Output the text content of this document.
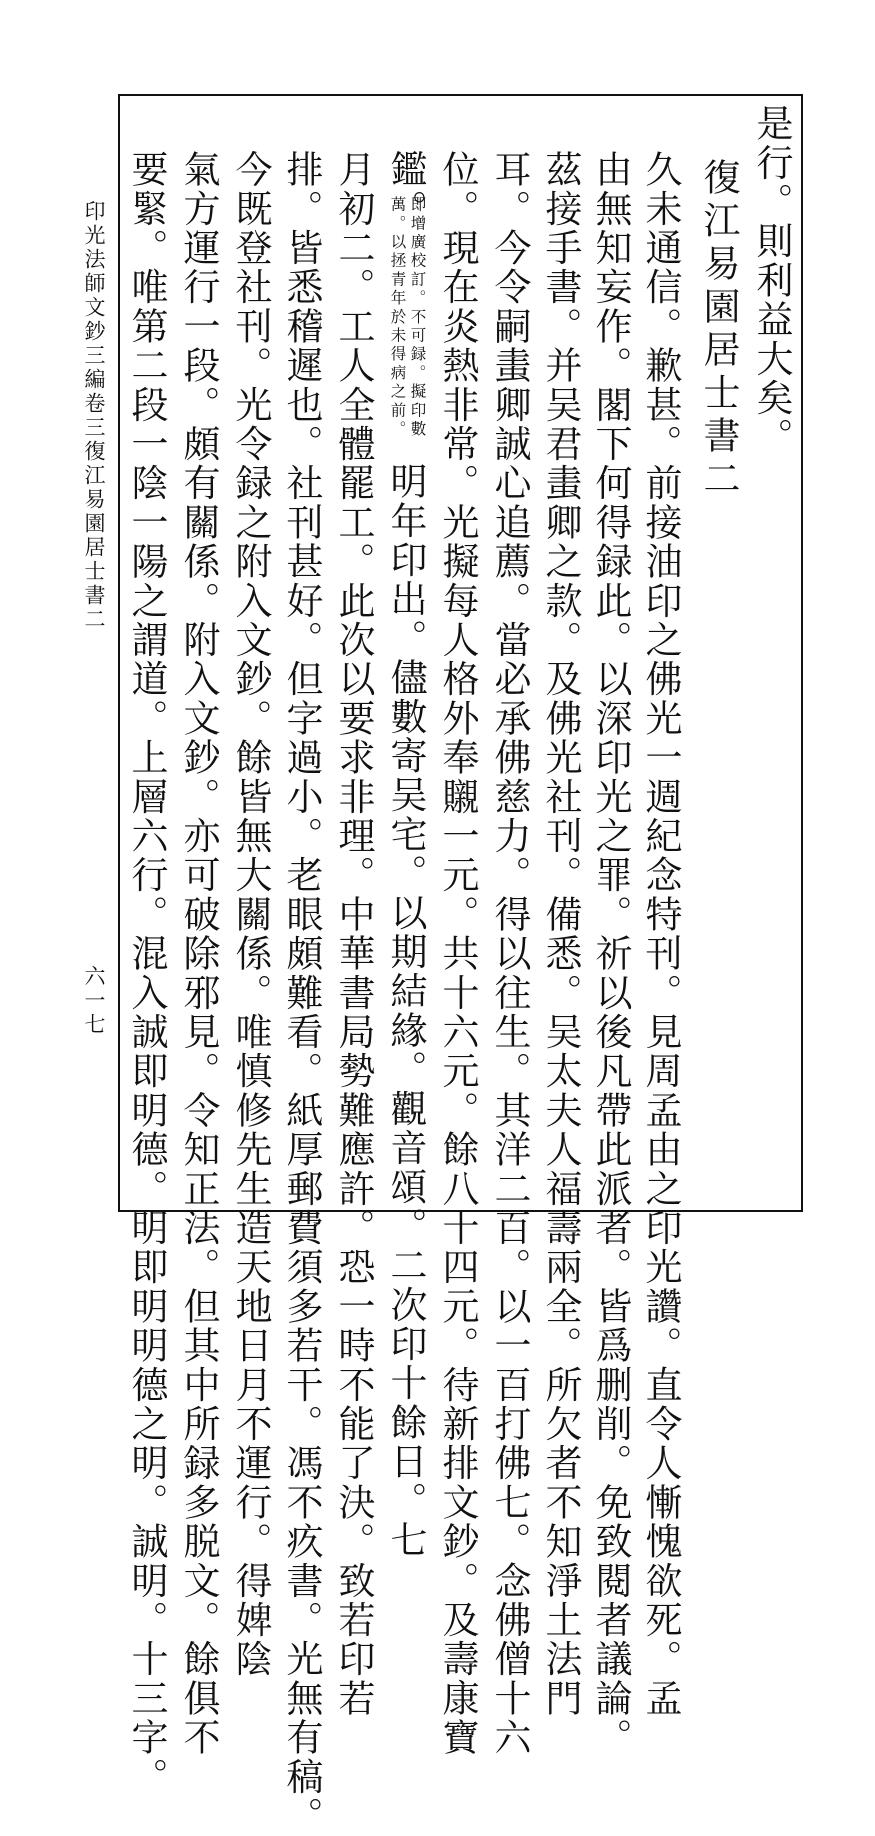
印光法師文鈔三編卷三
復江易園居士書二
六一七
是行。則利益大矣。
復江易園居士書二
久未通信。歉甚。前接油印之佛光一週紀念特刊。見周孟由之印光讚。直令人慚愧欲死。孟
由無知妄作。閣下何得録此。以深印光之罪。祈以後凡帶此派者。皆爲删削。免致閱者議論。
茲接手書。并吴君䖯卿之款。及佛光社刊。備悉。吴太夫人福壽兩全。所欠者不知淨土法門
耳。今令嗣䖯卿誠心追薦。當必承佛慈力。得以往生。其洋二百。以一百打佛七。念佛僧十六
位。現在炎熱非常。光擬每人格外奉䞋一元。共十六元。餘八十四元。待新排文鈔。及壽康寶
鑑。
即增廣校訂。不可録。擬印數
萬。以拯青年於未得病之前。
明年印出。儘數寄吴宅。以期結緣。觀音頌。二次印十餘日。七
月初二。工人全體罷工。此次以要求非理。中華書局勢難應許。恐一時不能了決。致若印若
排。皆悉稽遲也。社刊甚好。但字過小。老眼頗難看。紙厚郵費須多若干。馮不疚書。光無有稿。
今既登社刊。光令録之附入文鈔。餘皆無大關係。唯慎修先生造天地日月不運行。得婢陰
氣方運行一段。頗有關係。附入文鈔。亦可破除邪見。令知正法。但其中所録多脱文。餘俱不
要緊。唯第二段一陰一陽之謂道。上層六行。混入誠即明德。明即明明德之明。誠明。十三字。
